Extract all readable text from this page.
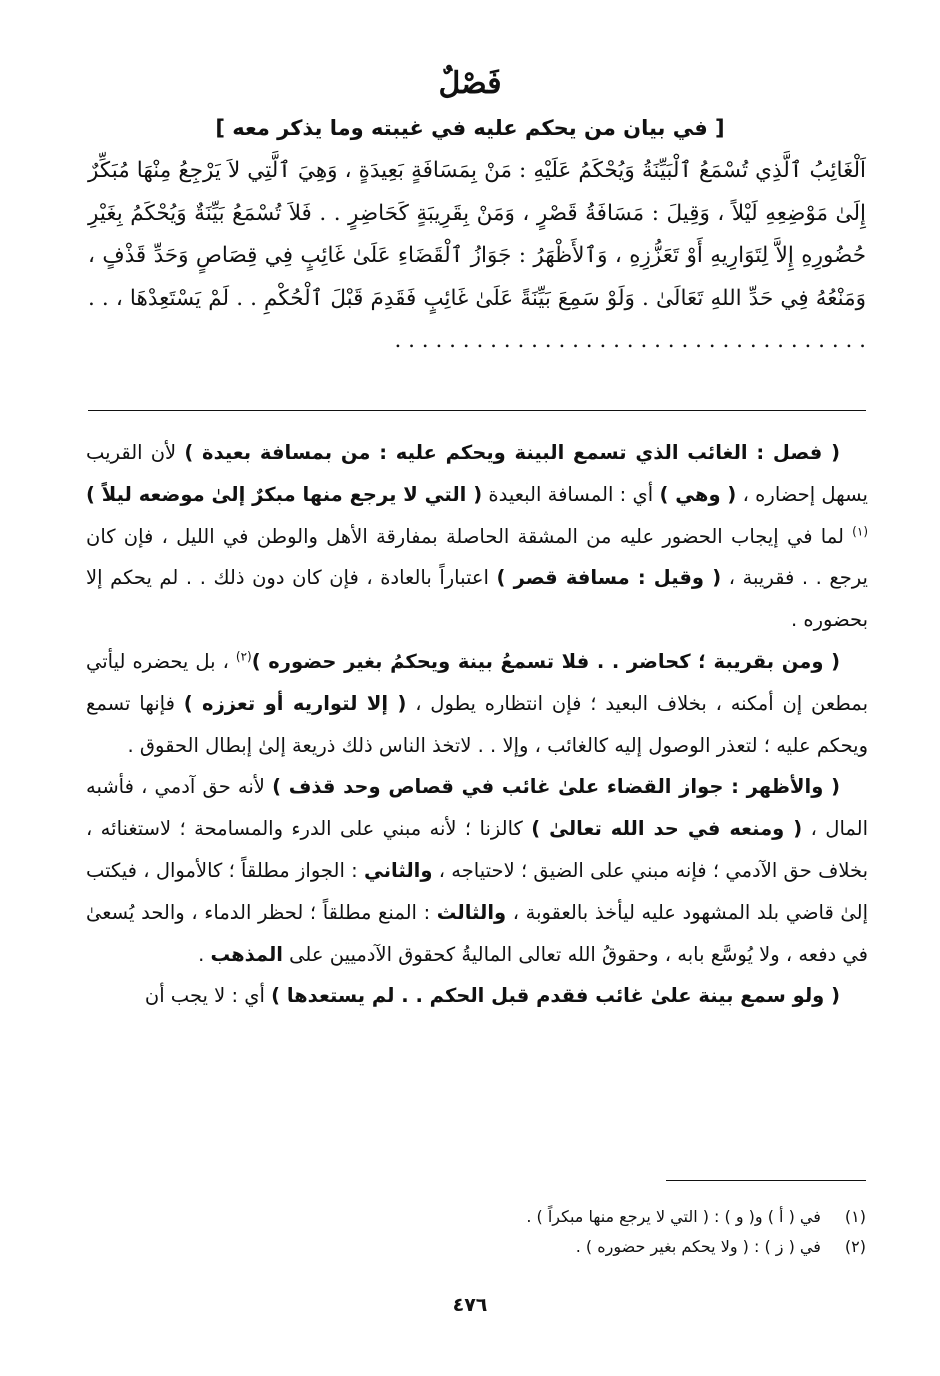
فَصْلٌ
[ في بيان من يحكم عليه في غيبته وما يذكر معه ]

اَلْغَائِبُ ٱلَّذِي تُسْمَعُ ٱلْبَيِّنَةُ وَيُحْكَمُ عَلَيْهِ : مَنْ بِمَسَافَةٍ بَعِيدَةٍ ، وَهِيَ ٱلَّتِي لاَ يَرْجِعُ مِنْهَا مُبَكِّرٌ إِلَىٰ مَوْضِعِهِ لَيْلاً ، وَقِيلَ : مَسَافَةُ قَصْرٍ ، وَمَنْ بِقَرِيبَةٍ كَحَاضِرٍ . . فَلاَ تُسْمَعُ بَيِّنَةٌ وَيُحْكَمُ بِغَيْرِ حُضُورِهِ إِلاَّ لِتَوَارِيهِ أَوْ تَعَزُّزِهِ ، وَٱلأَظْهَرُ : جَوَازُ ٱلْقَضَاءِ عَلَىٰ غَائِبٍ فِي قِصَاصٍ وَحَدِّ قَذْفٍ ، وَمَنْعُهُ فِي حَدِّ اللهِ تَعَالَىٰ . وَلَوْ سَمِعَ بَيِّنَةً عَلَىٰ غَائِبٍ فَقَدِمَ قَبْلَ ٱلْحُكْمِ . . لَمْ يَسْتَعِدْهَا ، . . . . . . . . . . . . . . . . . . . . . . . . . . . . . . . . . . . . .

( فصل : الغائب الذي تسمع البينة ويحكم عليه : من بمسافة بعيدة ) لأن القريب يسهل إحضاره ، ( وهي ) أي : المسافة البعيدة ( التي لا يرجع منها مبكرٌ إلىٰ موضعه ليلاً )$^{(١)}$ لما في إيجاب الحضور عليه من المشقة الحاصلة بمفارقة الأهل والوطن في الليل ، فإن كان يرجع . . فقريبة ، ( وقيل : مسافة قصر ) اعتباراً بالعادة ، فإن كان دون ذلك . . لم يحكم إلا بحضوره .

( ومن بقريبة ؛ كحاضر . . فلا تسمعُ بينة ويحكمُ بغير حضوره )$^{(٢)}$ ، بل يحضره ليأتي بمطعن إن أمكنه ، بخلاف البعيد ؛ فإن انتظاره يطول ، ( إلا لتواريه أو تعززه ) فإنها تسمع ويحكم عليه ؛ لتعذر الوصول إليه كالغائب ، وإلا . . لاتخذ الناس ذلك ذريعة إلىٰ إبطال الحقوق .

( والأظهر : جواز القضاء علىٰ غائب في قصاص وحد قذف ) لأنه حق آدمي ، فأشبه المال ، ( ومنعه في حد الله تعالىٰ ) كالزنا ؛ لأنه مبني على الدرء والمسامحة ؛ لاستغنائه ، بخلاف حق الآدمي ؛ فإنه مبني على الضيق ؛ لاحتياجه ، والثاني : الجواز مطلقاً ؛ كالأموال ، فيكتب إلىٰ قاضي بلد المشهود عليه ليأخذ بالعقوبة ، والثالث : المنع مطلقاً ؛ لحظر الدماء ، والحد يُسعىٰ في دفعه ، ولا يُوسَّع بابه ، وحقوقُ الله تعالى الماليةُ كحقوق الآدميين على المذهب .

( ولو سمع بينة علىٰ غائب فقدم قبل الحكم . . لم يستعدها ) أي : لا يجب أن

(١) في ( أ ) و( و ) : ( التي لا يرجع منها مبكراً ) .
(٢) في ( ز ) : ( ولا يحكم بغير حضوره ) .
٤٧٦
